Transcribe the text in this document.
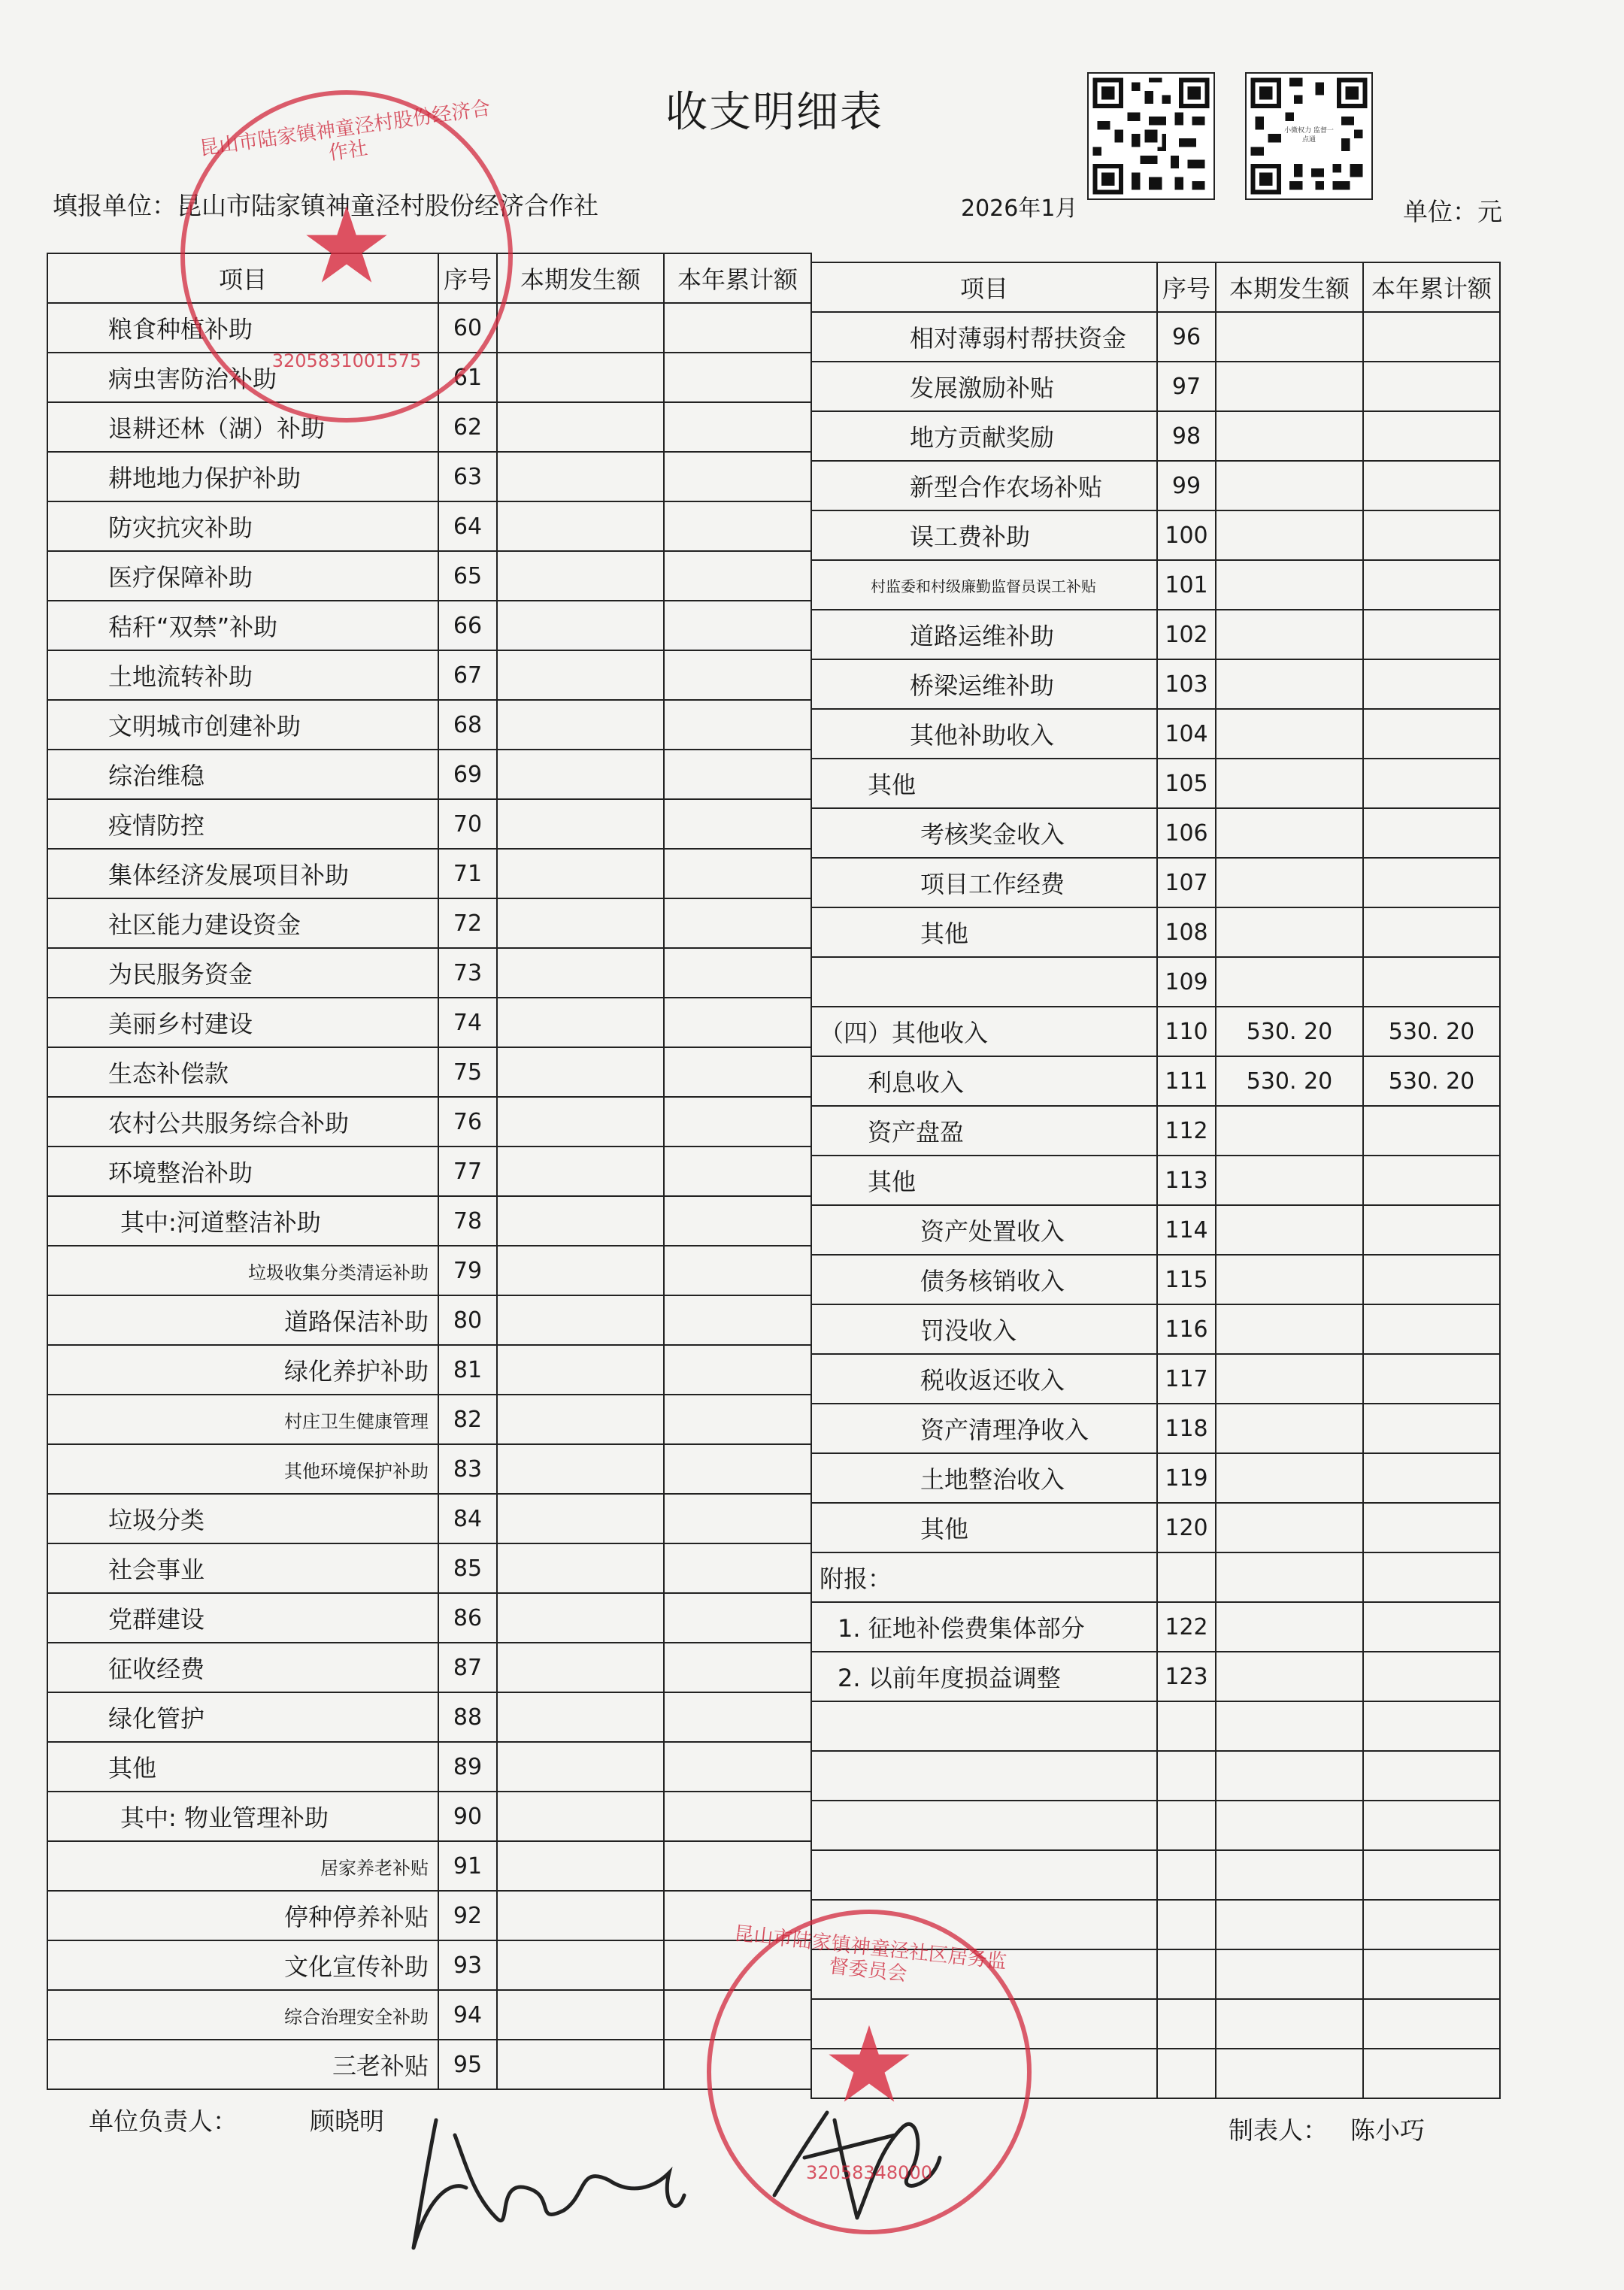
收支明细表
填报单位：昆山市陆家镇神童泾村股份经济合作社	2026年1月	单位：元
小微权力 监督一点通
项目	序号	本期发生额	本年累计额
粮食种植补助	60		
病虫害防治补助	61		
退耕还林（湖）补助	62		
耕地地力保护补助	63		
防灾抗灾补助	64		
医疗保障补助	65		
秸秆“双禁”补助	66		
土地流转补助	67		
文明城市创建补助	68		
综治维稳	69		
疫情防控	70		
集体经济发展项目补助	71		
社区能力建设资金	72		
为民服务资金	73		
美丽乡村建设	74		
生态补偿款	75		
农村公共服务综合补助	76		
环境整治补助	77		
其中:河道整洁补助	78		
垃圾收集分类清运补助	79		
道路保洁补助	80		
绿化养护补助	81		
村庄卫生健康管理	82		
其他环境保护补助	83		
垃圾分类	84		
社会事业	85		
党群建设	86		
征收经费	87		
绿化管护	88		
其他	89		
其中: 物业管理补助	90		
居家养老补贴	91		
停种停养补贴	92		
文化宣传补助	93		
综合治理安全补助	94		
三老补贴	95		
项目	序号	本期发生额	本年累计额
相对薄弱村帮扶资金	96		
发展激励补贴	97		
地方贡献奖励	98		
新型合作农场补贴	99		
误工费补助	100		
村监委和村级廉勤监督员误工补贴	101		
道路运维补助	102		
桥梁运维补助	103		
其他补助收入	104		
其他	105		
考核奖金收入	106		
项目工作经费	107		
其他	108		
	109		
（四）其他收入	110	530. 20	530. 20
利息收入	111	530. 20	530. 20
资产盘盈	112		
其他	113		
资产处置收入	114		
债务核销收入	115		
罚没收入	116		
税收返还收入	117		
资产清理净收入	118		
土地整治收入	119		
其他	120		
附报：			
1. 征地补偿费集体部分	122		
2. 以前年度损益调整	123		

单位负责人：	顾晓明	制表人： 陈小巧
★
昆山市陆家镇神童泾村股份经济合作社
3205831001575
★
昆山市陆家镇神童泾社区居务监督委员会
32058348000
